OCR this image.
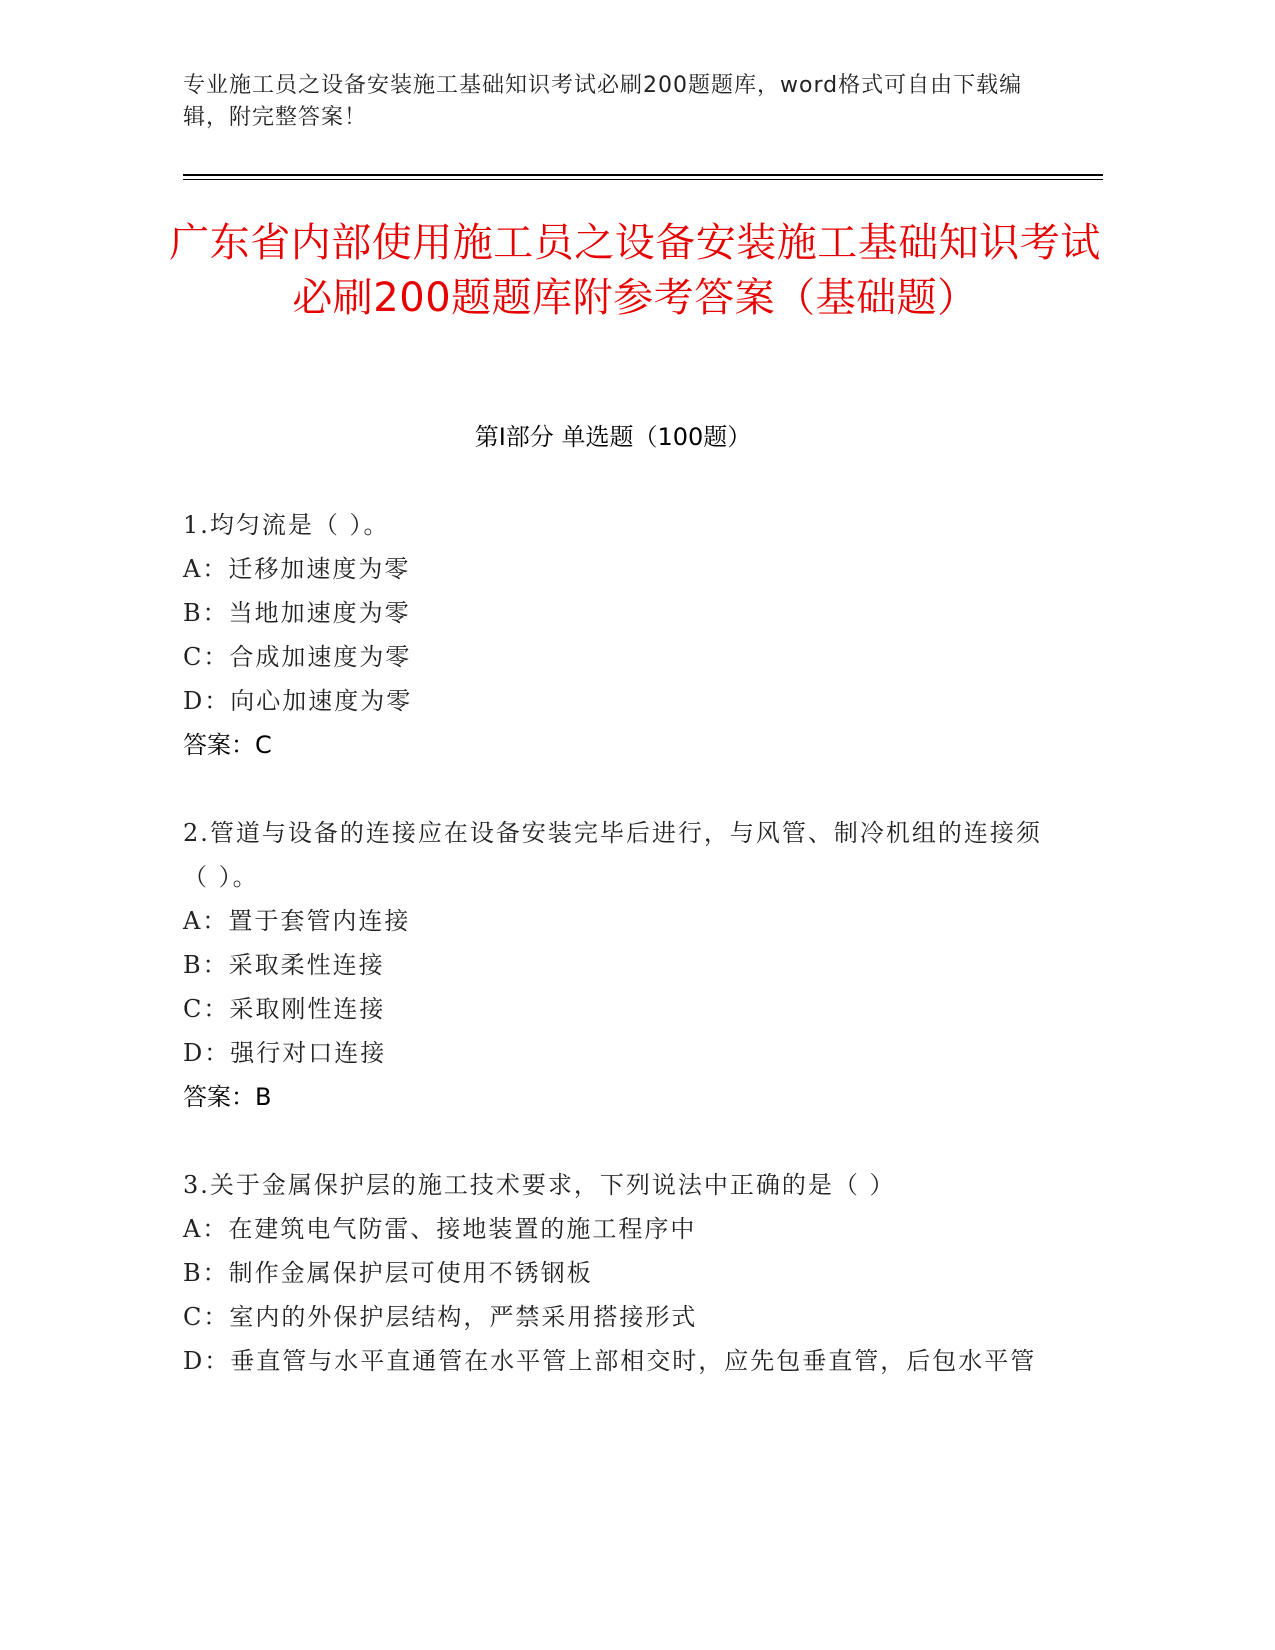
专业施工员之设备安装施工基础知识考试必刷200题题库，word格式可自由下载编辑，附完整答案！
广东省内部使用施工员之设备安装施工基础知识考试必刷200题题库附参考答案（基础题）
第Ⅰ部分 单选题（100题）

1.均匀流是（ ）。

A：迁移加速度为零

B：当地加速度为零

C：合成加速度为零

D：向心加速度为零

答案：C

2.管道与设备的连接应在设备安装完毕后进行，与风管、制冷机组的连接须（ ）。

A：置于套管内连接

B：采取柔性连接

C：采取刚性连接

D：强行对口连接

答案：B

3.关于金属保护层的施工技术要求，下列说法中正确的是（ ）

A：在建筑电气防雷、接地装置的施工程序中

B：制作金属保护层可使用不锈钢板

C：室内的外保护层结构，严禁采用搭接形式

D：垂直管与水平直通管在水平管上部相交时，应先包垂直管，后包水平管
